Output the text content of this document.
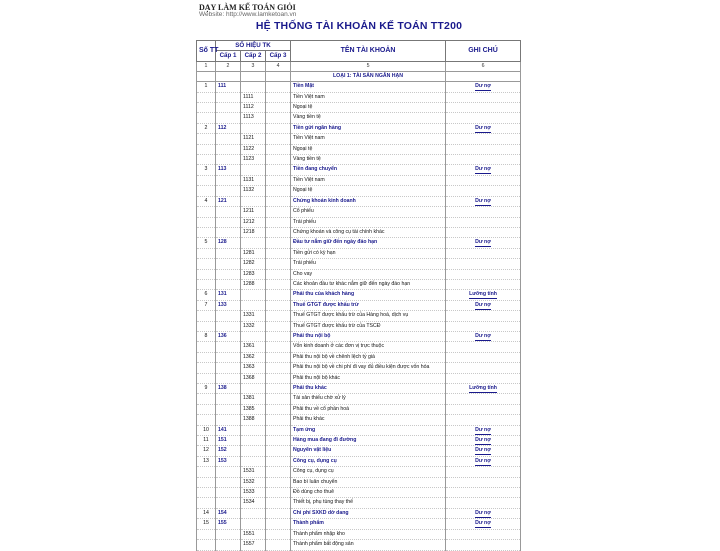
DẠY LÀM KẾ TOÁN GIỎI
Website: http://www.lamketoan.vn
HỆ THỐNG TÀI KHOẢN KẾ TOÁN TT200
Số TT	SỐ HIỆU TK			TÊN TÀI KHOẢN	GHI CHÚ
	Cấp 1	Cấp 2	Cấp 3		
1	2	3	4	5	6
				LOẠI 1: TÀI SẢN NGẮN HẠN	
1	111			Tiền Mặt	Dư nợ
		1111		Tiền Việt nam	
		1112		Ngoại tệ	
		1113		Vàng tiền tệ	
2	112			Tiền gửi ngân hàng	Dư nợ
		1121		Tiền Việt nam	
		1122		Ngoại tệ	
		1123		Vàng tiền tệ	
3	113			Tiền đang chuyển	Dư nợ
		1131		Tiền Việt nam	
		1132		Ngoại tệ	
4	121			Chứng khoán kinh doanh	Dư nợ
		1211		Cổ phiếu	
		1212		Trái phiếu	
		1218		Chứng khoán và công cụ tài chính khác	
5	128			Đầu tư nắm giữ đến ngày đáo hạn	Dư nợ
		1281		Tiền gửi có kỳ hạn	
		1282		Trái phiếu	
		1283		Cho vay	
		1288		Các khoản đầu tư khác nắm giữ đến ngày đáo hạn	
6	131			Phải thu của khách hàng	Lưỡng tính
7	133			Thuế GTGT được khấu trừ	Dư nợ
		1331		Thuế GTGT được khấu trừ của Hàng hoá, dịch vụ	
		1332		Thuế GTGT được khấu trừ của TSCĐ	
8	136			Phải thu nội bộ	Dư nợ
		1361		Vốn kinh doanh ở các đơn vị trực thuộc	
		1362		Phải thu nội bộ về chênh lệch tỷ giá	
		1363		Phải thu nội bộ về chi phí đi vay đủ điều kiện được vốn hóa	
		1368		Phải thu nội bộ khác	
9	138			Phải thu khác	Lưỡng tính
		1381		Tài sản thiếu chờ xử lý	
		1385		Phải thu về cổ phần hoá	
		1388		Phải thu khác	
10	141			Tạm ứng	Dư nợ
11	151			Hàng mua đang đi đường	Dư nợ
12	152			Nguyên vật liệu	Dư nợ
13	153			Công cụ, dụng cụ	Dư nợ
		1531		Công cụ, dụng cụ	
		1532		Bao bì luân chuyển	
		1533		Đồ dùng cho thuê	
		1534		Thiết bị, phụ tùng thay thế	
14	154			Chi phí SXKD dở dang	Dư nợ
15	155			Thành phẩm	Dư nợ
		1551		Thành phẩm nhập kho	
		1557		Thành phẩm bất động sản	
